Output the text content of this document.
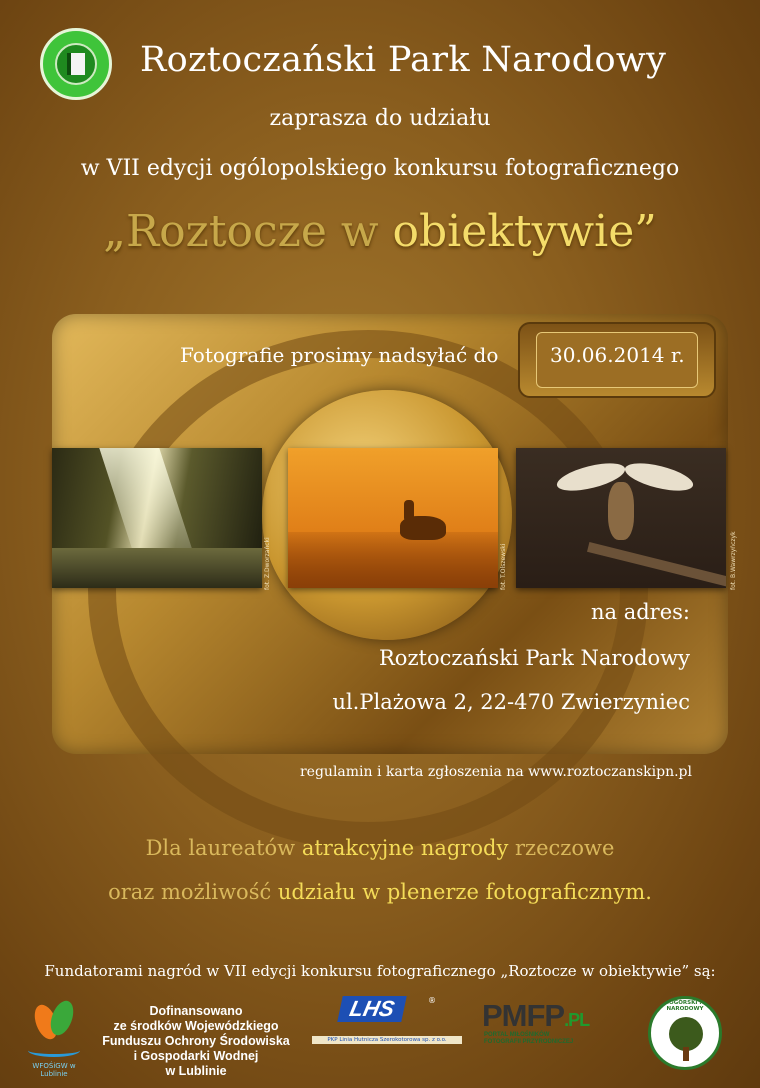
Roztoczański Park Narodowy
zaprasza do udziału
w VII edycji ogólopolskiego konkursu fotograficznego
„Roztocze w obiektywie”
Fotografie prosimy nadsyłać do	30.06.2014 r.
fot. Z.Dworzańcki	fot. T.Olszewski	fot. B.Wawrzyńczyk
na adres:
Roztoczański Park Narodowy
ul.Plażowa 2, 22-470 Zwierzyniec
regulamin i karta zgłoszenia na www.roztoczanskipn.pl
Dla laureatów atrakcyjne nagrody rzeczowe
oraz możliwość udziału w plenerze fotograficznym.
Fundatorami nagród w VII edycji konkursu fotograficznego „Roztocze w obiektywie” są:
WFOŚiGW w Lublinie
Dofinansowano
ze środków Wojewódzkiego
Funduszu Ochrony Środowiska
i Gospodarki Wodnej
w Lublinie
LHS	®
PKP Linia Hutnicza Szerokotorowa sp. z o.o.
PMFP.PL
PORTAL MIŁOŚNIKÓW
FOTOGRAFII PRZYRODNICZEJ
BABIOGÓRSKI PARK NARODOWY
